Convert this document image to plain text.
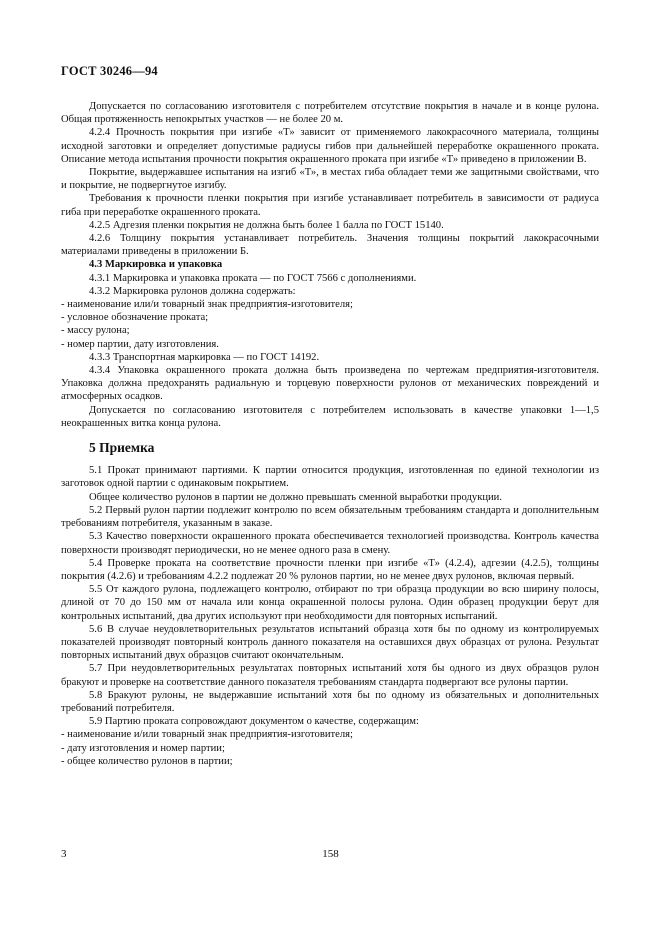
ГОСТ 30246—94

Допускается по согласованию изготовителя с потребителем отсутствие покрытия в начале и в конце рулона. Общая протяженность непокрытых участков — не более 20 м.

4.2.4 Прочность покрытия при изгибе «Т» зависит от применяемого лакокрасочного материала, толщины исходной заготовки и определяет допустимые радиусы гибов при дальнейшей переработке окрашенного проката. Описание метода испытания прочности покрытия окрашенного проката при изгибе «Т» приведено в приложении В.

Покрытие, выдержавшее испытания на изгиб «Т», в местах гиба обладает теми же защитными свойствами, что и покрытие, не подвергнутое изгибу.

Требования к прочности пленки покрытия при изгибе устанавливает потребитель в зависимости от радиуса гиба при переработке окрашенного проката.

4.2.5 Адгезия пленки покрытия не должна быть более 1 балла по ГОСТ 15140.

4.2.6 Толщину покрытия устанавливает потребитель. Значения толщины покрытий лакокрасочными материалами приведены в приложении Б.

4.3 Маркировка и упаковка

4.3.1 Маркировка и упаковка проката — по ГОСТ 7566 с дополнениями.

4.3.2 Маркировка рулонов должна содержать:

- наименование или/и товарный знак предприятия-изготовителя;

- условное обозначение проката;

- массу рулона;

- номер партии, дату изготовления.

4.3.3 Транспортная маркировка — по ГОСТ 14192.

4.3.4 Упаковка окрашенного проката должна быть произведена по чертежам предприятия-изготовителя. Упаковка должна предохранять радиальную и торцевую поверхности рулонов от механических повреждений и атмосферных осадков.

Допускается по согласованию изготовителя с потребителем использовать в качестве упаковки 1—1,5 неокрашенных витка конца рулона.

5 Приемка

5.1 Прокат принимают партиями. К партии относится продукция, изготовленная по единой технологии из заготовок одной партии с одинаковым покрытием.

Общее количество рулонов в партии не должно превышать сменной выработки продукции.

5.2 Первый рулон партии подлежит контролю по всем обязательным требованиям стандарта и дополнительным требованиям потребителя, указанным в заказе.

5.3 Качество поверхности окрашенного проката обеспечивается технологией производства. Контроль качества поверхности производят периодически, но не менее одного раза в смену.

5.4 Проверке проката на соответствие прочности пленки при изгибе «Т» (4.2.4), адгезии (4.2.5), толщины покрытия (4.2.6) и требованиям 4.2.2 подлежат 20 % рулонов партии, но не менее двух рулонов, включая первый.

5.5 От каждого рулона, подлежащего контролю, отбирают по три образца продукции во всю ширину полосы, длиной от 70 до 150 мм от начала или конца окрашенной полосы рулона. Один образец продукции берут для контрольных испытаний, два других используют при необходимости для повторных испытаний.

5.6 В случае неудовлетворительных результатов испытаний образца хотя бы по одному из контролируемых показателей производят повторный контроль данного показателя на оставшихся двух образцах от рулона. Результат повторных испытаний двух образцов считают окончательным.

5.7 При неудовлетворительных результатах повторных испытаний хотя бы одного из двух образцов рулон бракуют и проверке на соответствие данного показателя требованиям стандарта подвергают все рулоны партии.

5.8 Бракуют рулоны, не выдержавшие испытаний хотя бы по одному из обязательных и дополнительных требований потребителя.

5.9 Партию проката сопровождают документом о качестве, содержащим:

- наименование и/или товарный знак предприятия-изготовителя;

- дату изготовления и номер партии;

- общее количество рулонов в партии;

3	158
